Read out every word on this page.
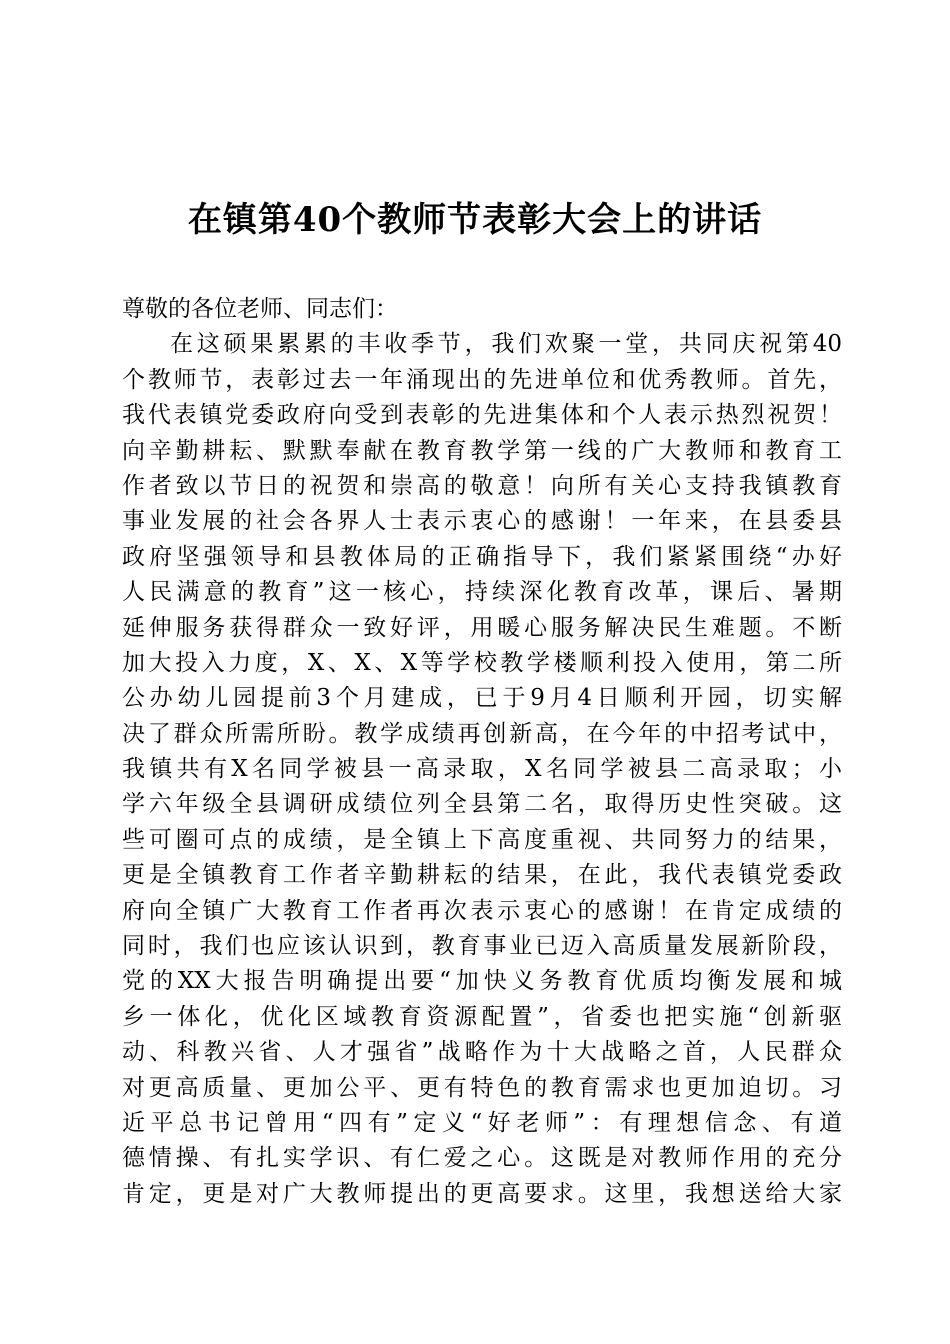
在镇第40个教师节表彰大会上的讲话
尊敬的各位老师、同志们：
在这硕果累累的丰收季节，我们欢聚一堂，共同庆祝第40
个教师节，表彰过去一年涌现出的先进单位和优秀教师。首先，
我代表镇党委政府向受到表彰的先进集体和个人表示热烈祝贺！
向辛勤耕耘、默默奉献在教育教学第一线的广大教师和教育工
作者致以节日的祝贺和崇高的敬意！向所有关心支持我镇教育
事业发展的社会各界人士表示衷心的感谢！一年来，在县委县
政府坚强领导和县教体局的正确指导下，我们紧紧围绕“办好
人民满意的教育”这一核心，持续深化教育改革，课后、暑期
延伸服务获得群众一致好评，用暖心服务解决民生难题。不断
加大投入力度，X、X、X等学校教学楼顺利投入使用，第二所
公办幼儿园提前3个月建成，已于9月4日顺利开园，切实解
决了群众所需所盼。教学成绩再创新高，在今年的中招考试中，
我镇共有X名同学被县一高录取，X名同学被县二高录取；小
学六年级全县调研成绩位列全县第二名，取得历史性突破。这
些可圈可点的成绩，是全镇上下高度重视、共同努力的结果，
更是全镇教育工作者辛勤耕耘的结果，在此，我代表镇党委政
府向全镇广大教育工作者再次表示衷心的感谢！在肯定成绩的
同时，我们也应该认识到，教育事业已迈入高质量发展新阶段，
党的XX大报告明确提出要“加快义务教育优质均衡发展和城
乡一体化，优化区域教育资源配置”，省委也把实施“创新驱
动、科教兴省、人才强省”战略作为十大战略之首，人民群众
对更高质量、更加公平、更有特色的教育需求也更加迫切。习
近平总书记曾用“四有”定义“好老师”：有理想信念、有道
德情操、有扎实学识、有仁爱之心。这既是对教师作用的充分
肯定，更是对广大教师提出的更高要求。这里，我想送给大家
